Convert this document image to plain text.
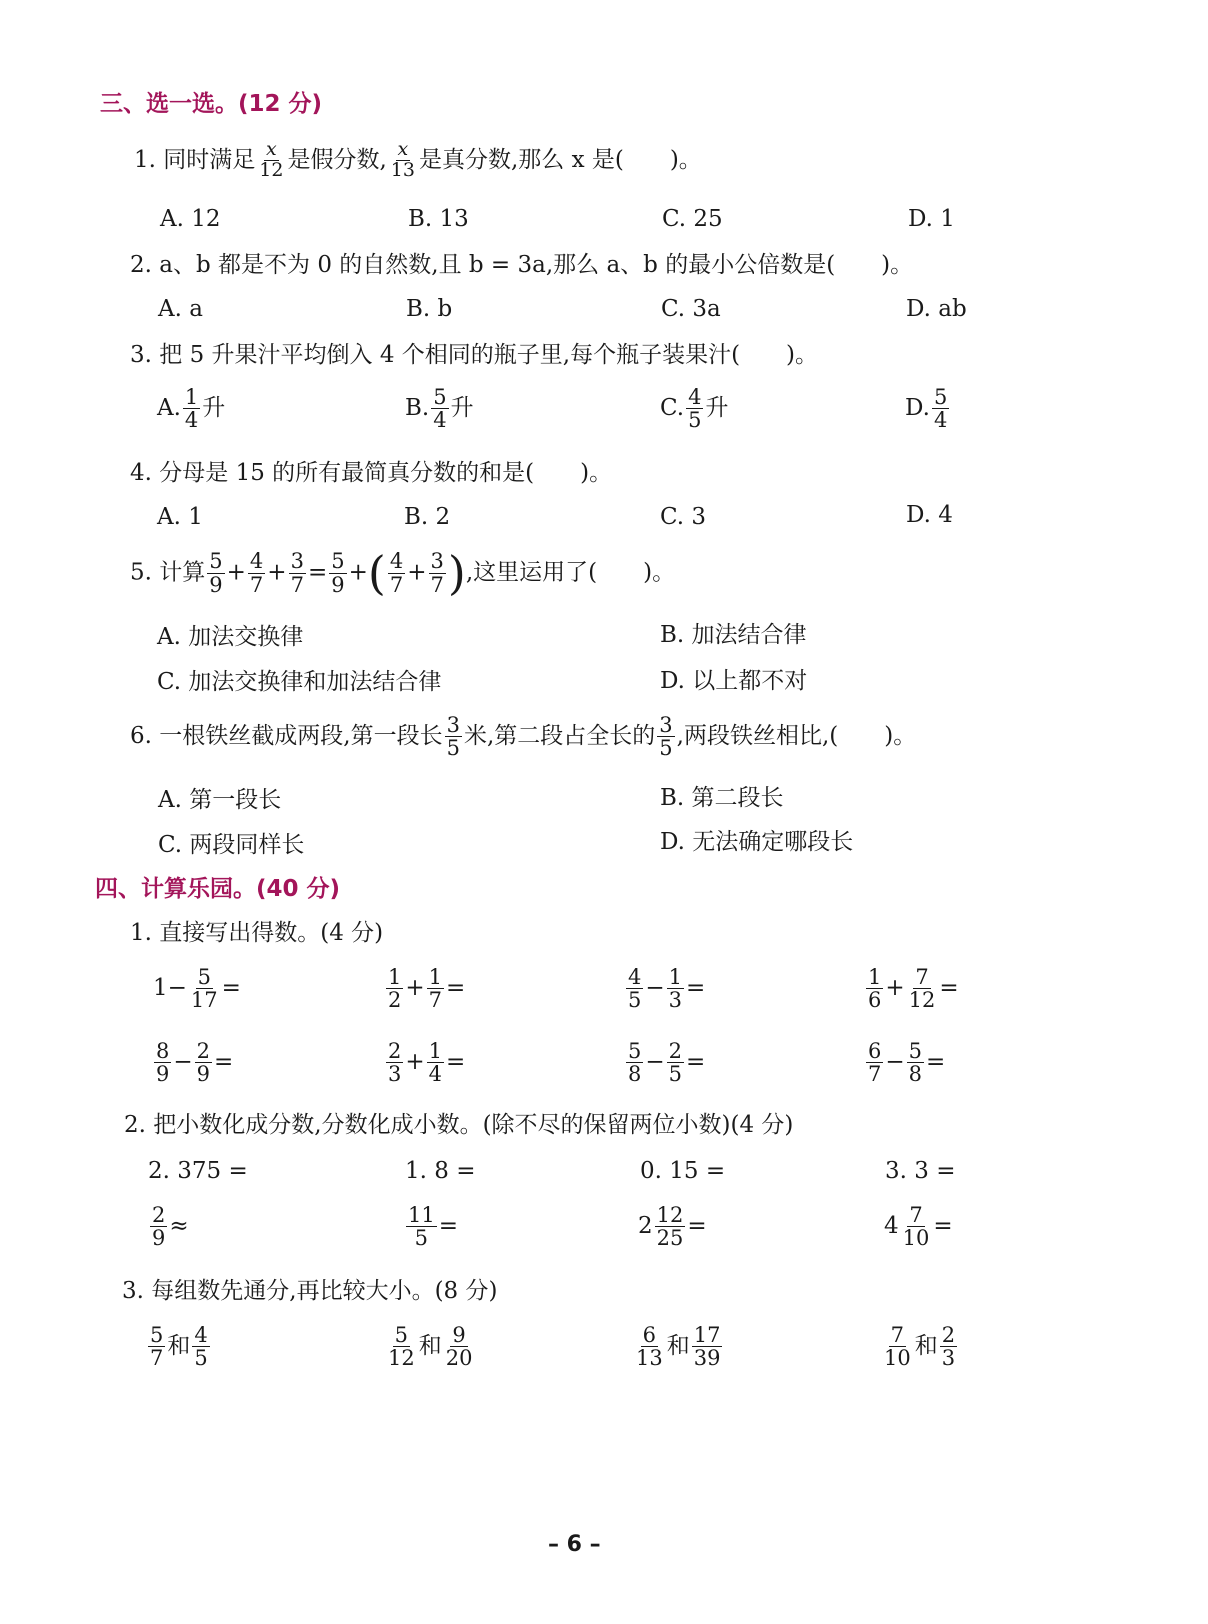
三、选一选。(12 分)
1. 同时满足 $\frac{x}{12}$ 是假分数, $\frac{x}{13}$ 是真分数,那么 x 是(　　)。
A. 12	B. 13	C. 25	D. 1
2. a、b 都是不为 0 的自然数,且 b = 3a,那么 a、b 的最小公倍数是(　　)。
A. a	B. b	C. 3a	D. ab
3. 把 5 升果汁平均倒入 4 个相同的瓶子里,每个瓶子装果汁(　　)。
A. $\frac{1}{4}$ 升	B. $\frac{5}{4}$ 升	C. $\frac{4}{5}$ 升	D. $\frac{5}{4}$
4. 分母是 15 的所有最简真分数的和是(　　)。
A. 1	B. 2	C. 3	D. 4
5. 计算 $\frac{5}{9} + \frac{4}{7} + \frac{3}{7} = \frac{5}{9}$ +( $\frac{4}{7} + \frac{3}{7}$ ),这里运用了(　　)。
A. 加法交换律	B. 加法结合律
C. 加法交换律和加法结合律	D. 以上都不对
6. 一根铁丝截成两段,第一段长 $\frac{3}{5}$ 米,第二段占全长的 $\frac{3}{5}$ ,两段铁丝相比,(　　)。
A. 第一段长	B. 第二段长
C. 两段同样长	D. 无法确定哪段长
四、计算乐园。(40 分)
1. 直接写出得数。(4 分)
$1- \frac{5}{17}$ =	$\frac{1}{2} + \frac{1}{7}$ =	$\frac{4}{5} - \frac{1}{3}$ =	$\frac{1}{6} + \frac{7}{12}$ =
$\frac{8}{9} - \frac{2}{9}$ =	$\frac{2}{3} + \frac{1}{4}$ =	$\frac{5}{8} - \frac{2}{5}$ =	$\frac{6}{7} - \frac{5}{8}$ =
2. 把小数化成分数,分数化成小数。(除不尽的保留两位小数)(4 分)
2. 375 =	1. 8 =	0. 15 =	3. 3 =
$\frac{2}{9}$ ≈	$\frac{11}{5}$ =	$2 \frac{12}{25}$ =	$4 \frac{7}{10}$ =
3. 每组数先通分,再比较大小。(8 分)
$\frac{5}{7}$ 和 $\frac{4}{5}$	$\frac{5}{12}$ 和 $\frac{9}{20}$	$\frac{6}{13}$ 和 $\frac{17}{39}$	$\frac{7}{10}$ 和 $\frac{2}{3}$
– 6 –
